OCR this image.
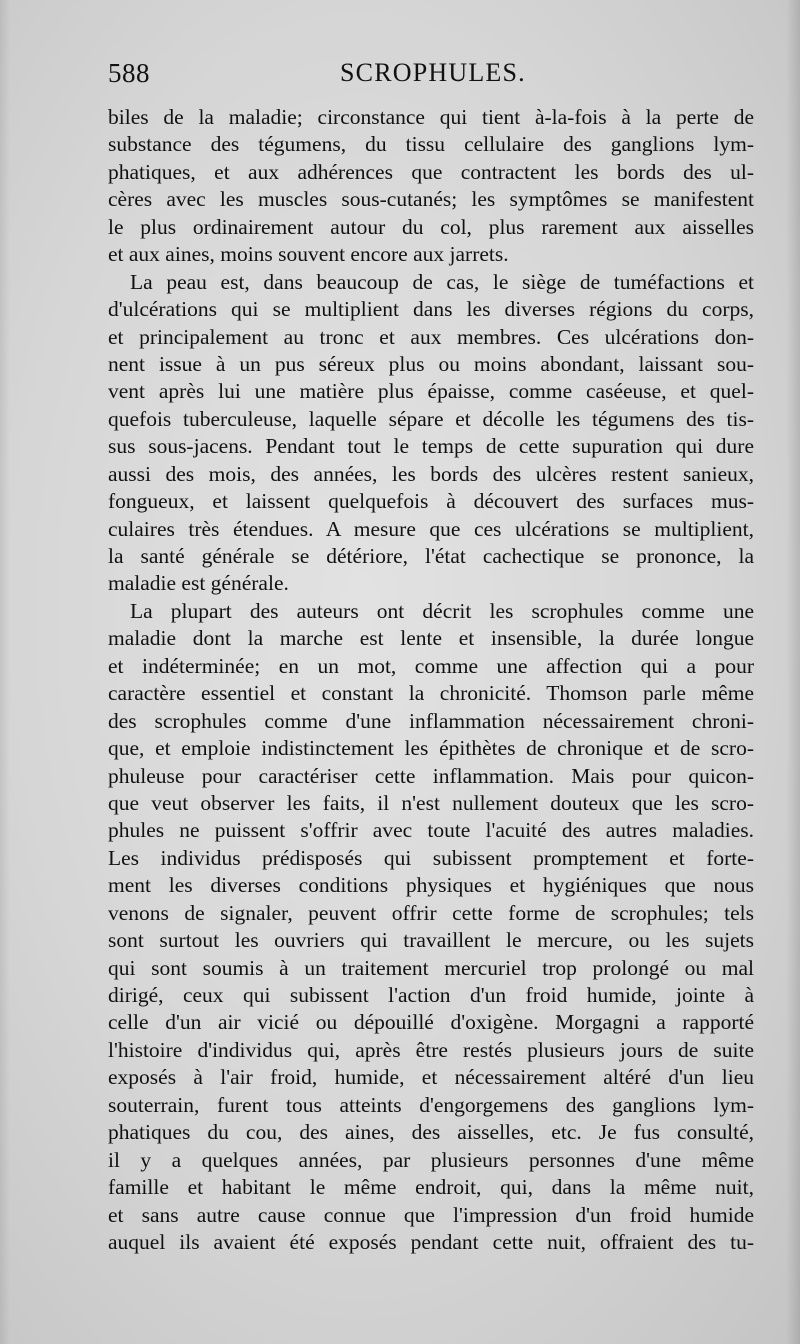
588	SCROPHULES.
biles de la maladie; circonstance qui tient à-la-fois à la perte de
substance des tégumens, du tissu cellulaire des ganglions lym-
phatiques, et aux adhérences que contractent les bords des ul-
cères avec les muscles sous-cutanés; les symptômes se manifestent
le plus ordinairement autour du col, plus rarement aux aisselles
et aux aines, moins souvent encore aux jarrets.
La peau est, dans beaucoup de cas, le siège de tuméfactions et
d'ulcérations qui se multiplient dans les diverses régions du corps,
et principalement au tronc et aux membres. Ces ulcérations don-
nent issue à un pus séreux plus ou moins abondant, laissant sou-
vent après lui une matière plus épaisse, comme caséeuse, et quel-
quefois tuberculeuse, laquelle sépare et décolle les tégumens des tis-
sus sous-jacens. Pendant tout le temps de cette supuration qui dure
aussi des mois, des années, les bords des ulcères restent sanieux,
fongueux, et laissent quelquefois à découvert des surfaces mus-
culaires très étendues. A mesure que ces ulcérations se multiplient,
la santé générale se détériore, l'état cachectique se prononce, la
maladie est générale.
La plupart des auteurs ont décrit les scrophules comme une
maladie dont la marche est lente et insensible, la durée longue
et indéterminée; en un mot, comme une affection qui a pour
caractère essentiel et constant la chronicité. Thomson parle même
des scrophules comme d'une inflammation nécessairement chroni-
que, et emploie indistinctement les épithètes de chronique et de scro-
phuleuse pour caractériser cette inflammation. Mais pour quicon-
que veut observer les faits, il n'est nullement douteux que les scro-
phules ne puissent s'offrir avec toute l'acuité des autres maladies.
Les individus prédisposés qui subissent promptement et forte-
ment les diverses conditions physiques et hygiéniques que nous
venons de signaler, peuvent offrir cette forme de scrophules; tels
sont surtout les ouvriers qui travaillent le mercure, ou les sujets
qui sont soumis à un traitement mercuriel trop prolongé ou mal
dirigé, ceux qui subissent l'action d'un froid humide, jointe à
celle d'un air vicié ou dépouillé d'oxigène. Morgagni a rapporté
l'histoire d'individus qui, après être restés plusieurs jours de suite
exposés à l'air froid, humide, et nécessairement altéré d'un lieu
souterrain, furent tous atteints d'engorgemens des ganglions lym-
phatiques du cou, des aines, des aisselles, etc. Je fus consulté,
il y a quelques années, par plusieurs personnes d'une même
famille et habitant le même endroit, qui, dans la même nuit,
et sans autre cause connue que l'impression d'un froid humide
auquel ils avaient été exposés pendant cette nuit, offraient des tu-
